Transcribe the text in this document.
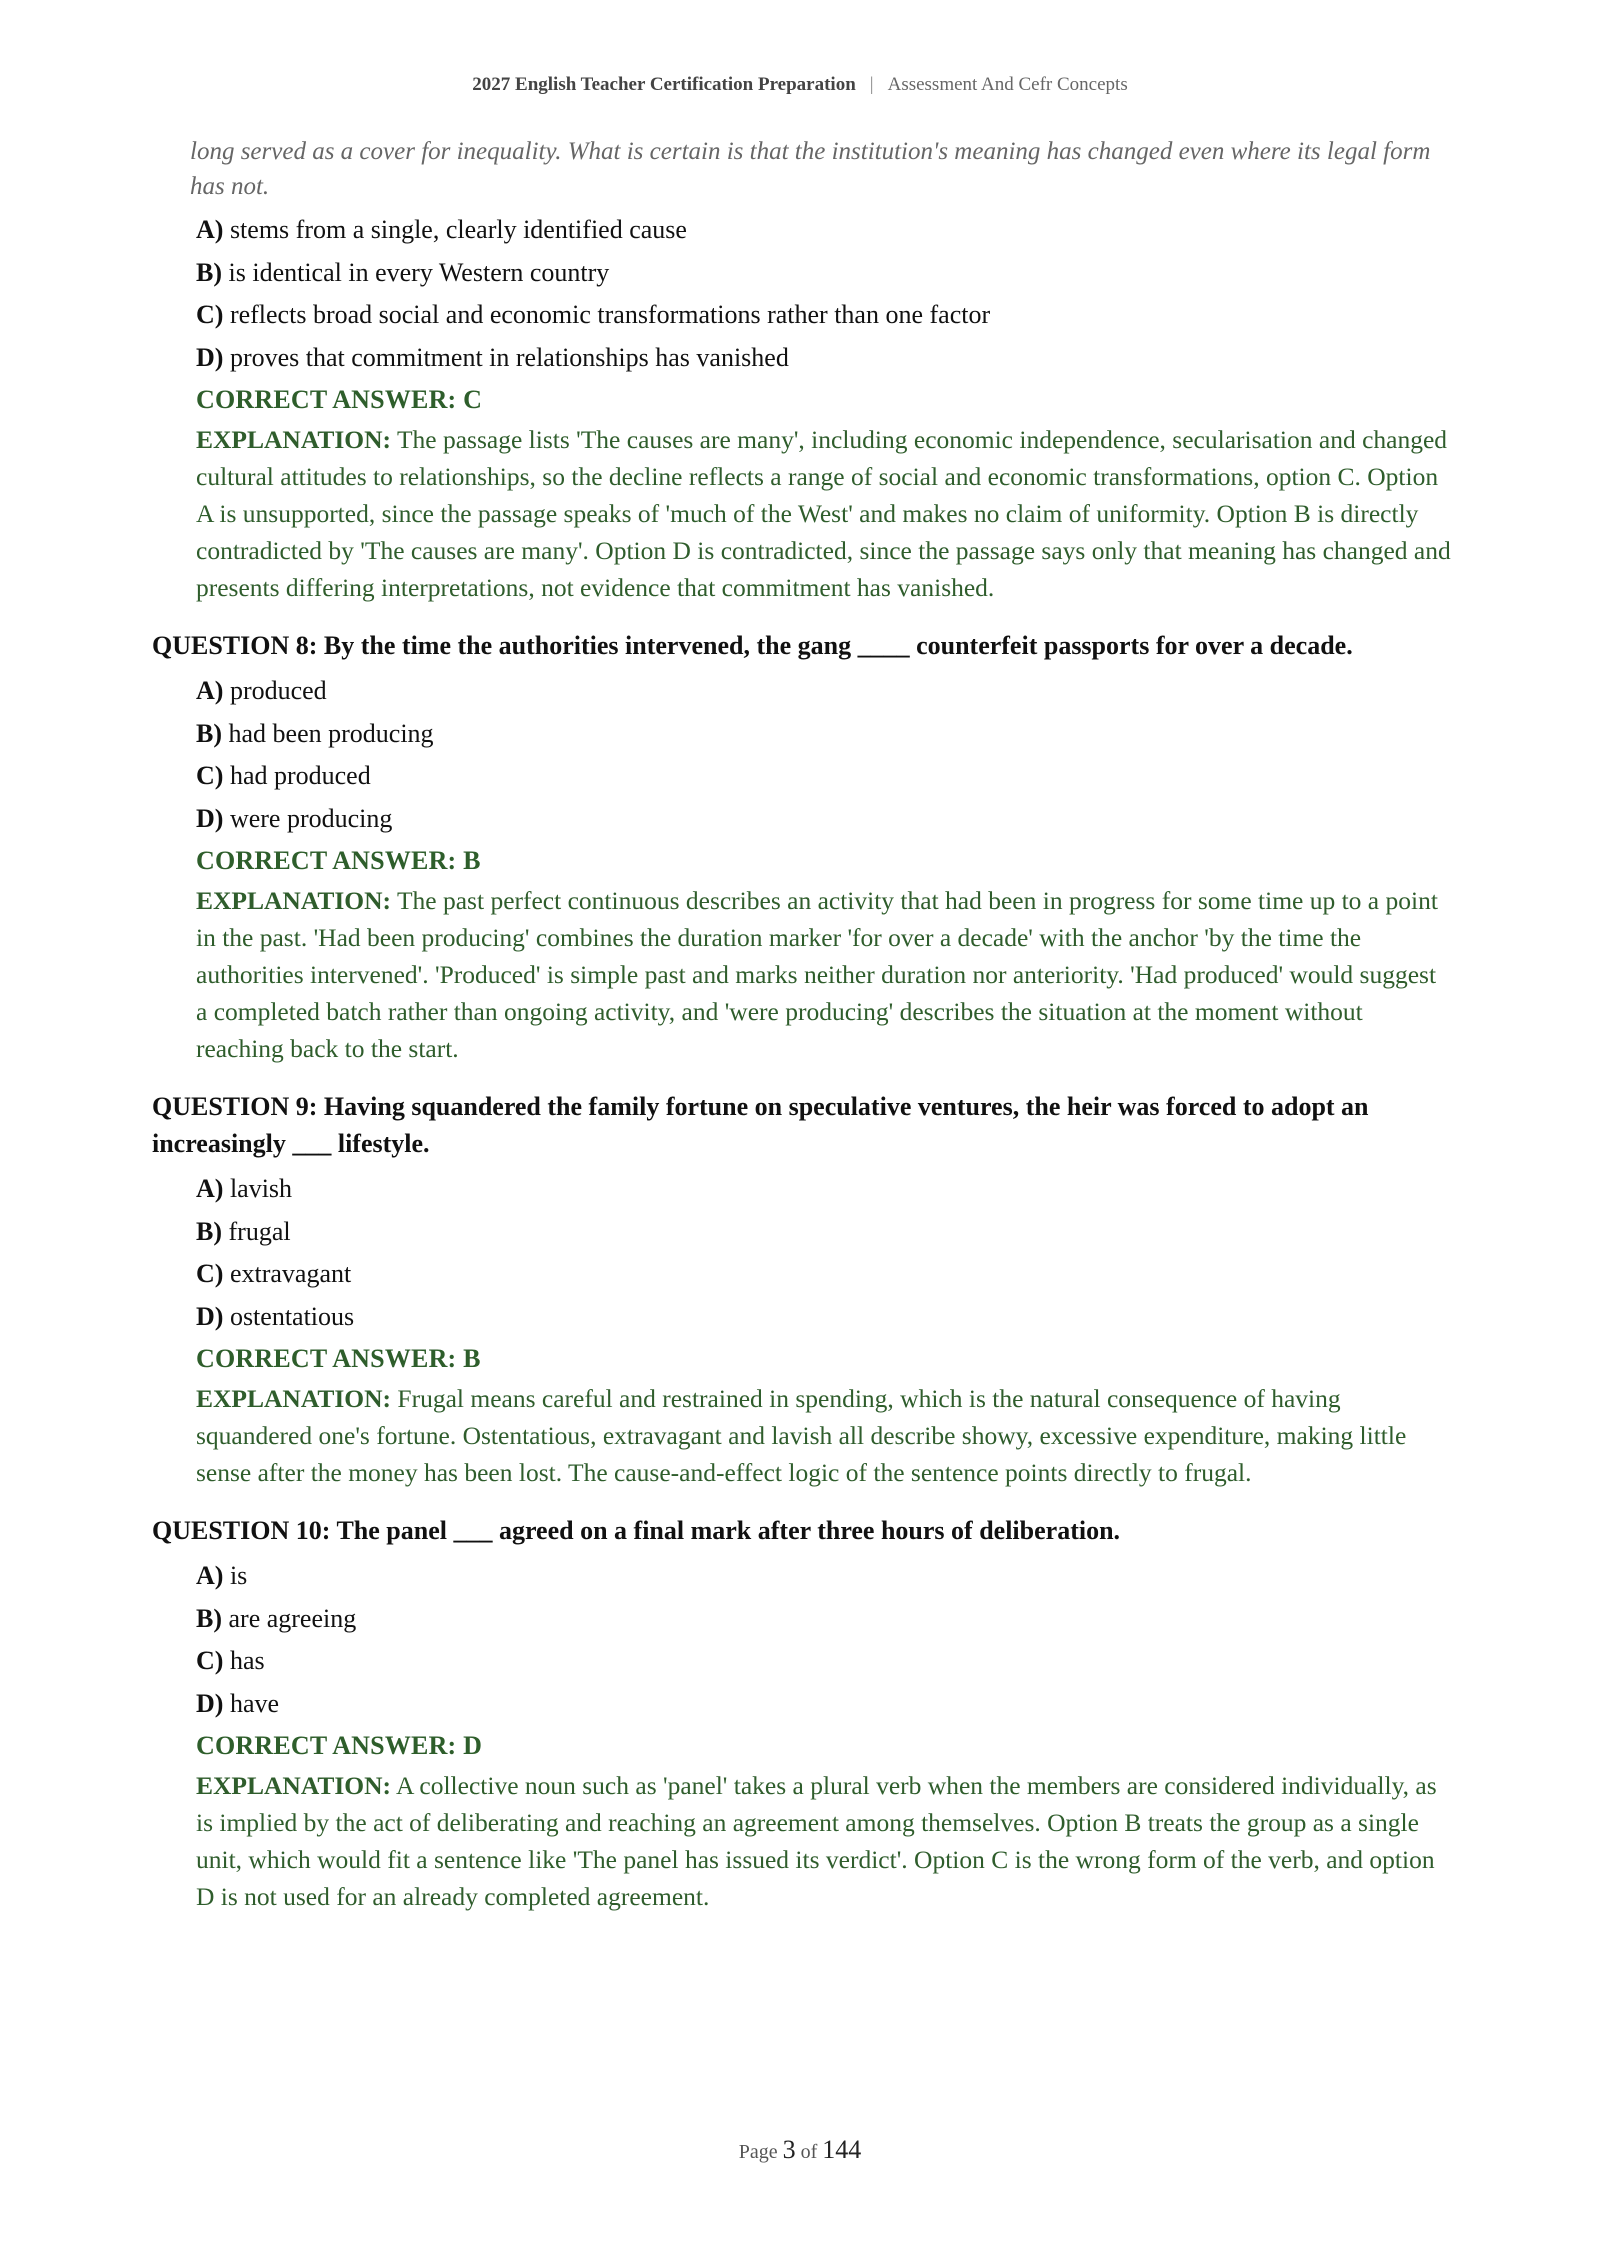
2027 English Teacher Certification Preparation | Assessment And Cefr Concepts
long served as a cover for inequality. What is certain is that the institution's meaning has changed even where its legal form has not.
A) stems from a single, clearly identified cause
B) is identical in every Western country
C) reflects broad social and economic transformations rather than one factor
D) proves that commitment in relationships has vanished
CORRECT ANSWER: C
EXPLANATION: The passage lists 'The causes are many', including economic independence, secularisation and changed cultural attitudes to relationships, so the decline reflects a range of social and economic transformations, option C. Option A is unsupported, since the passage speaks of 'much of the West' and makes no claim of uniformity. Option B is directly contradicted by 'The causes are many'. Option D is contradicted, since the passage says only that meaning has changed and presents differing interpretations, not evidence that commitment has vanished.
QUESTION 8: By the time the authorities intervened, the gang ____ counterfeit passports for over a decade.
A) produced
B) had been producing
C) had produced
D) were producing
CORRECT ANSWER: B
EXPLANATION: The past perfect continuous describes an activity that had been in progress for some time up to a point in the past. 'Had been producing' combines the duration marker 'for over a decade' with the anchor 'by the time the authorities intervened'. 'Produced' is simple past and marks neither duration nor anteriority. 'Had produced' would suggest a completed batch rather than ongoing activity, and 'were producing' describes the situation at the moment without reaching back to the start.
QUESTION 9: Having squandered the family fortune on speculative ventures, the heir was forced to adopt an increasingly ___ lifestyle.
A) lavish
B) frugal
C) extravagant
D) ostentatious
CORRECT ANSWER: B
EXPLANATION: Frugal means careful and restrained in spending, which is the natural consequence of having squandered one's fortune. Ostentatious, extravagant and lavish all describe showy, excessive expenditure, making little sense after the money has been lost. The cause-and-effect logic of the sentence points directly to frugal.
QUESTION 10: The panel ___ agreed on a final mark after three hours of deliberation.
A) is
B) are agreeing
C) has
D) have
CORRECT ANSWER: D
EXPLANATION: A collective noun such as 'panel' takes a plural verb when the members are considered individually, as is implied by the act of deliberating and reaching an agreement among themselves. Option B treats the group as a single unit, which would fit a sentence like 'The panel has issued its verdict'. Option C is the wrong form of the verb, and option D is not used for an already completed agreement.
Page 3 of 144
